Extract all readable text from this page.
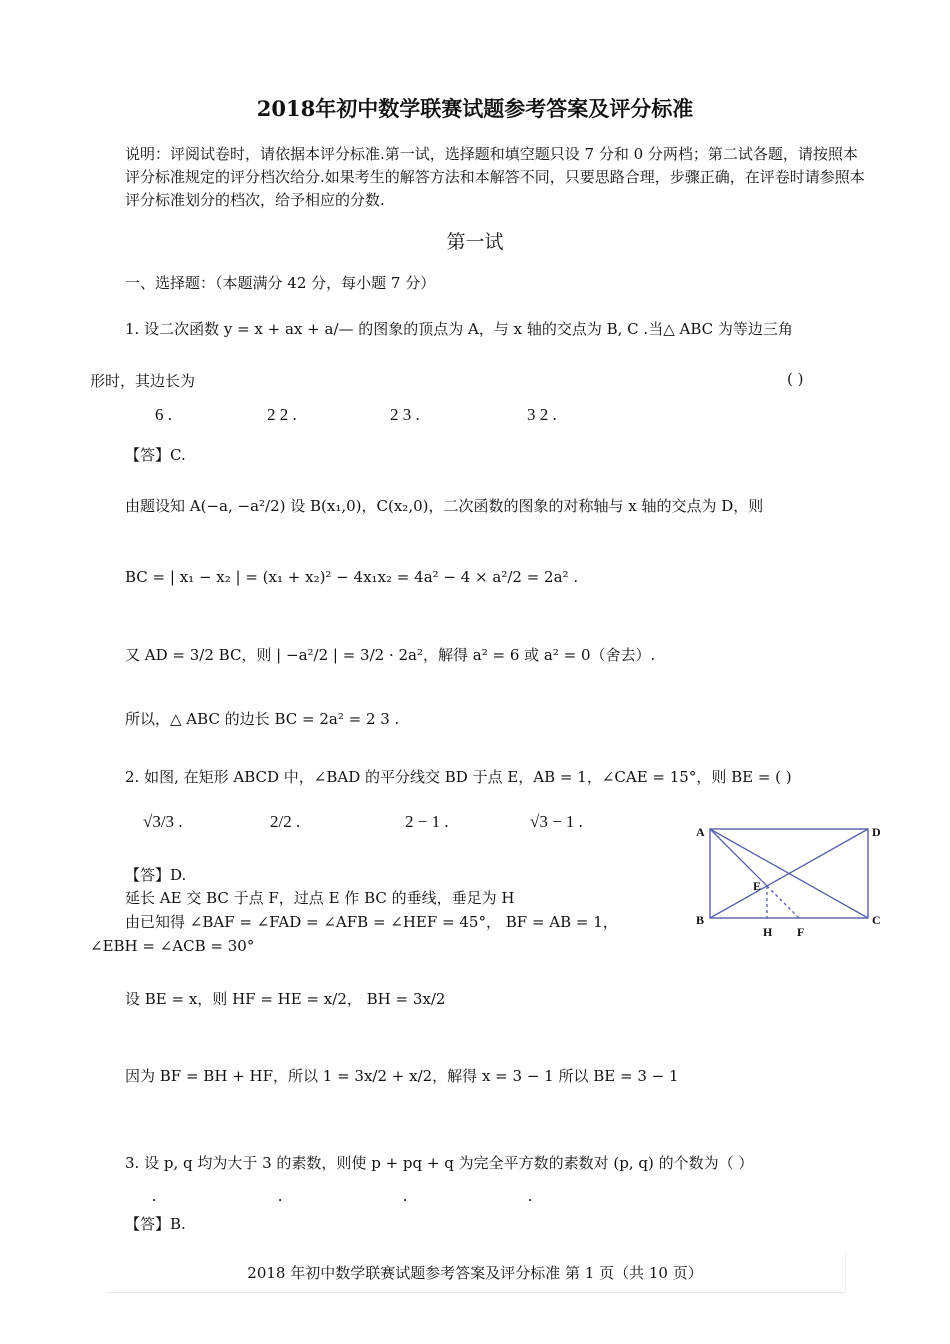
2018年初中数学联赛试题参考答案及评分标准
说明：评阅试卷时，请依据本评分标准.第一试，选择题和填空题只设 7 分和 0 分两档；第二试各题，请按照本评分标准规定的评分档次给分.如果考生的解答方法和本解答不同，只要思路合理，步骤正确，在评卷时请参照本评分标准划分的档次，给予相应的分数.
第一试
一、选择题：（本题满分 42 分，每小题 7 分）
1. 设二次函数 y = x + ax + a/— 的图象的顶点为 A，与 x 轴的交点为 B, C .当△ ABC 为等边三角
形时，其边长为	( )
6 .	2 2 .	2 3 .	3 2 .
【答】C.
由题设知 A(−a, −a²/2) 设 B(x₁,0)，C(x₂,0)，二次函数的图象的对称轴与 x 轴的交点为 D，则
BC = | x₁ − x₂ | = (x₁ + x₂)² − 4x₁x₂ = 4a² − 4 × a²/2 = 2a² .
又 AD = 3/2 BC，则 | −a²/2 | = 3/2 · 2a²，解得 a² = 6 或 a² = 0（舍去）.
所以，△ ABC 的边长 BC = 2a² = 2 3 .
2. 如图, 在矩形 ABCD 中，∠BAD 的平分线交 BD 于点 E，AB = 1，∠CAE = 15°，则 BE = ( )
√3/3 .	2/2 .	2 − 1 .	√3 − 1 .
【答】D.
延长 AE 交 BC 于点 F，过点 E 作 BC 的垂线，垂足为 H
由已知得 ∠BAF = ∠FAD = ∠AFB = ∠HEF = 45°， BF = AB = 1，
∠EBH = ∠ACB = 30°
设 BE = x，则 HF = HE = x/2， BH = 3x/2
因为 BF = BH + HF，所以 1 = 3x/2 + x/2，解得 x = 3 − 1 所以 BE = 3 − 1
A	D
E
B
H F
C
3. 设 p, q 均为大于 3 的素数，则使 p + pq + q 为完全平方数的素数对 (p, q) 的个数为（ ）
.	.	.	.
【答】B.
2018 年初中数学联赛试题参考答案及评分标准 第 1 页（共 10 页）
